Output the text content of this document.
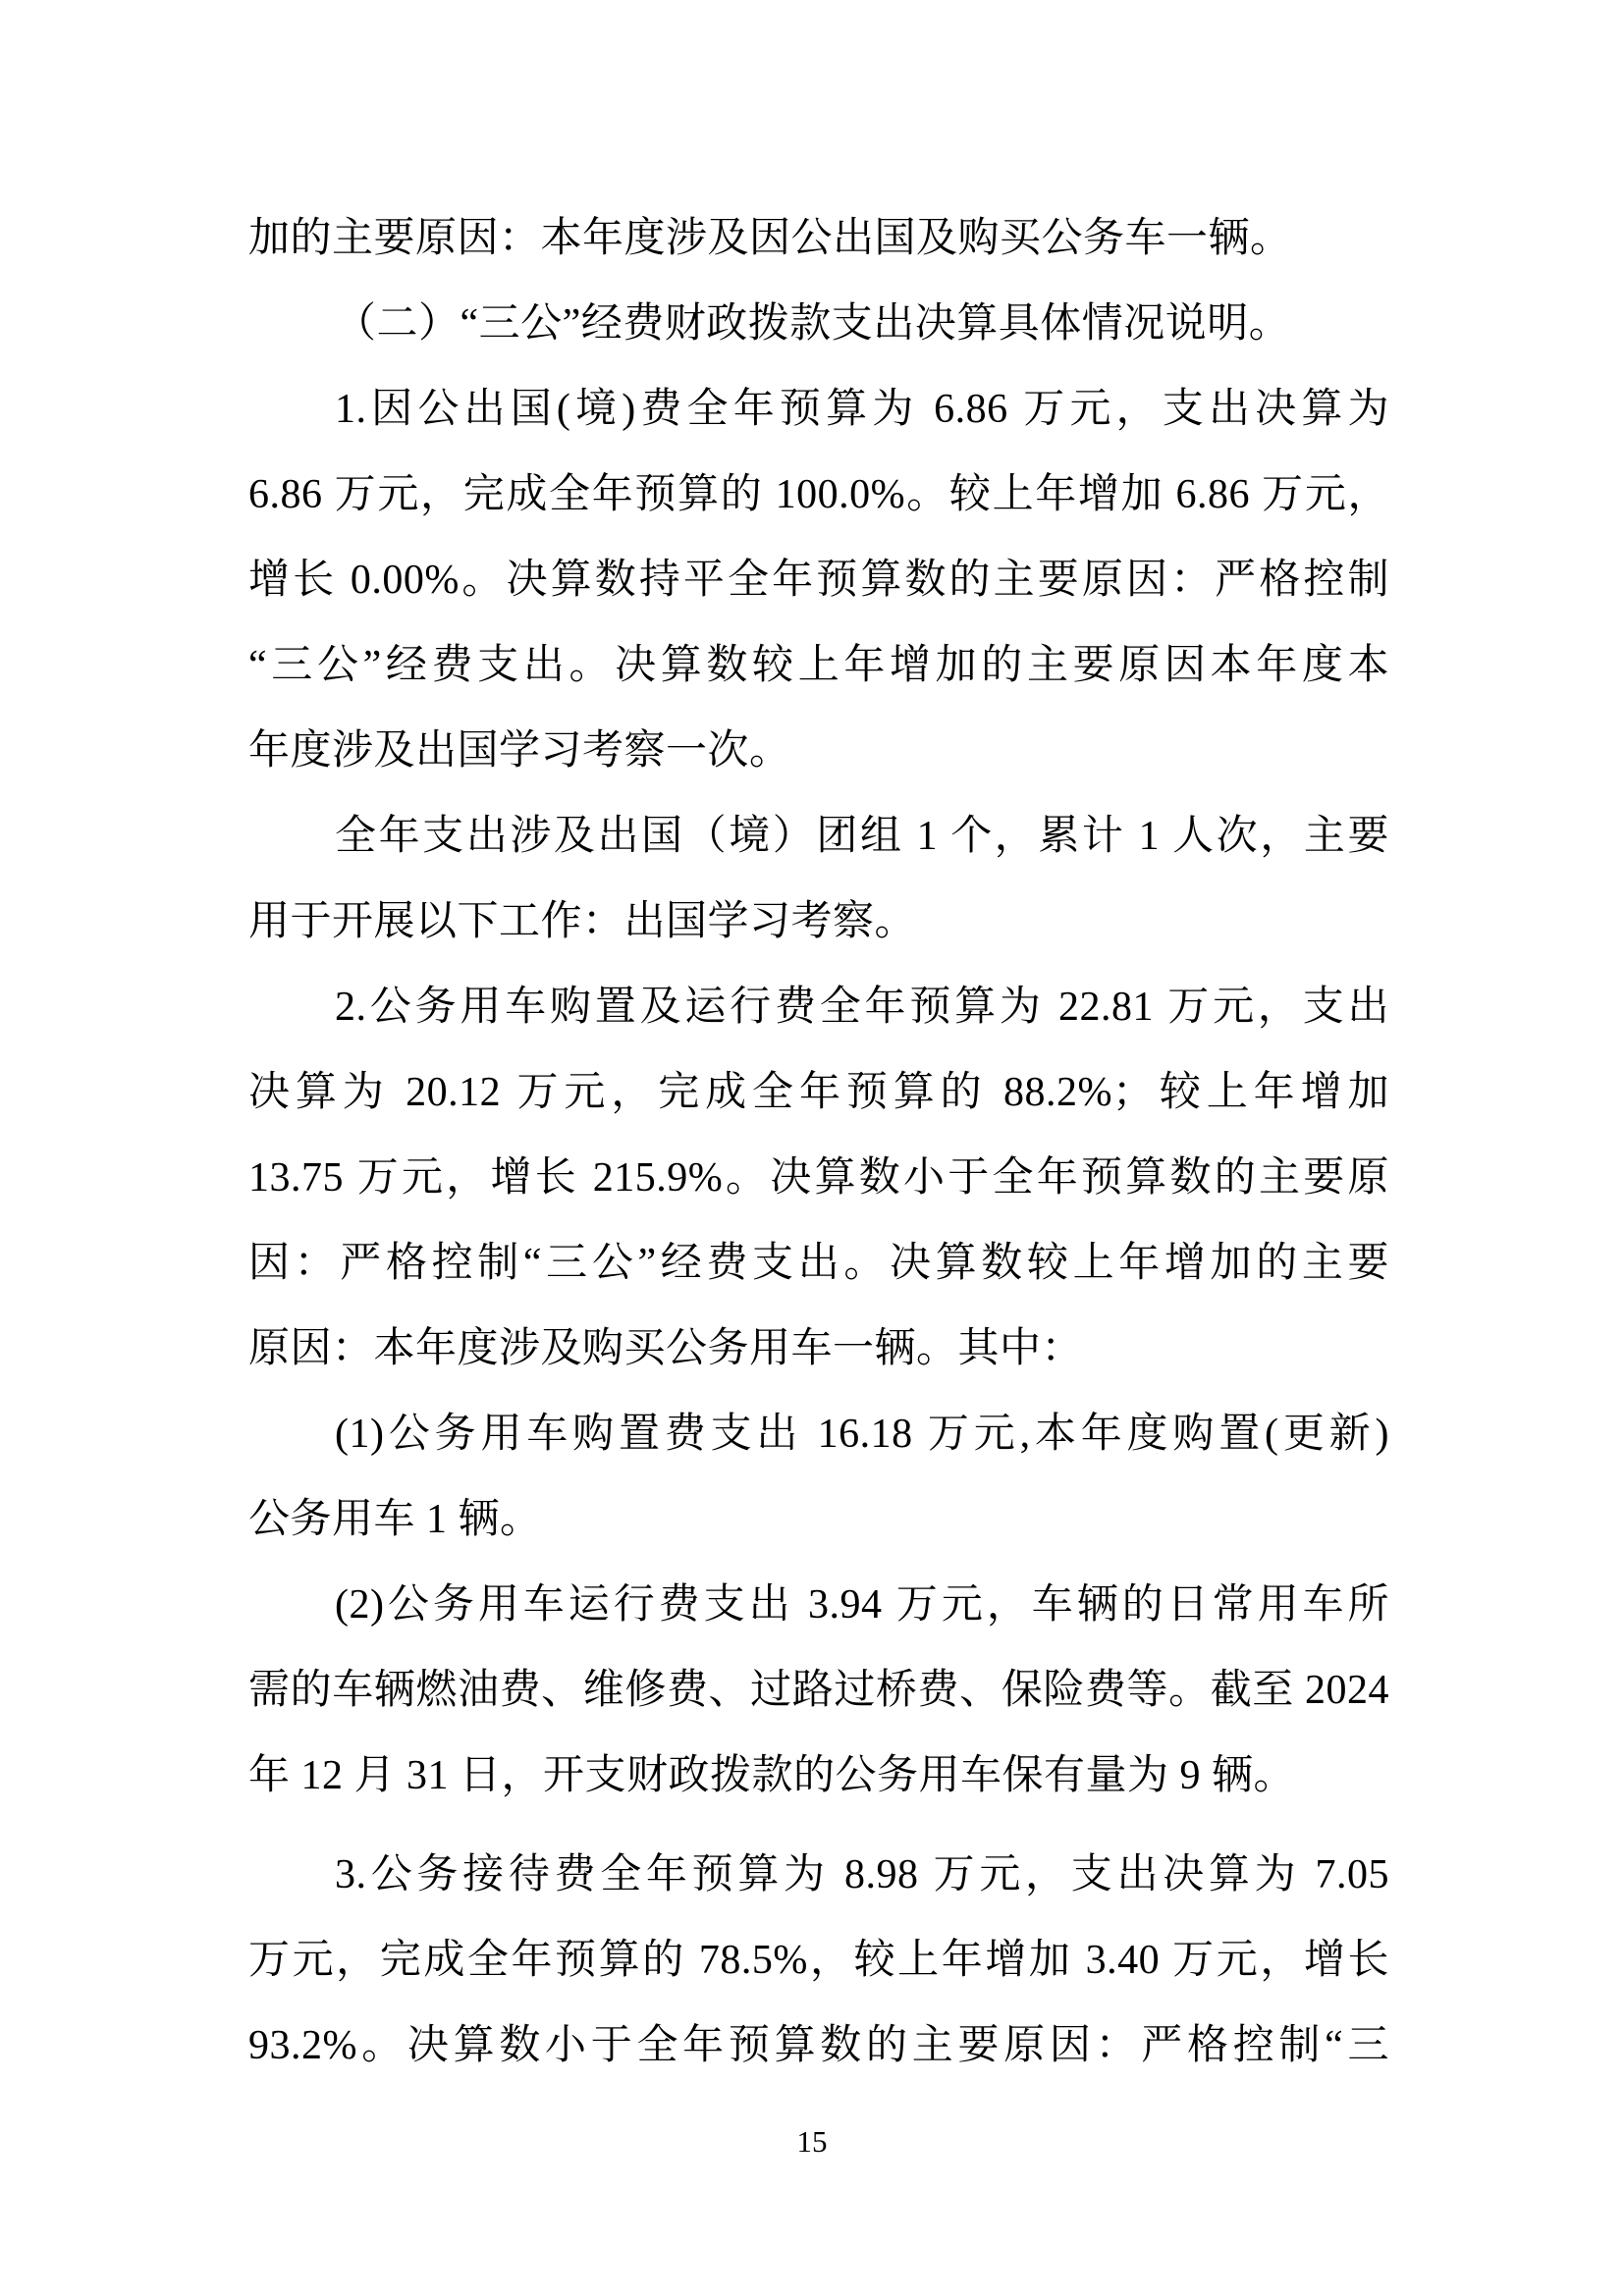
加的主要原因：本年度涉及因公出国及购买公务车一辆。
（二）“三公”经费财政拨款支出决算具体情况说明。
1.因公出国(境)费全年预算为 6.86 万元，支出决算为
6.86 万元，完成全年预算的 100.0%。较上年增加 6.86 万元，
增长 0.00%。决算数持平全年预算数的主要原因：严格控制
“三公”经费支出。决算数较上年增加的主要原因本年度本
年度涉及出国学习考察一次。
全年支出涉及出国（境）团组 1 个，累计 1 人次，主要
用于开展以下工作：出国学习考察。
2.公务用车购置及运行费全年预算为 22.81 万元，支出
决算为 20.12 万元，完成全年预算的 88.2%；较上年增加
13.75 万元，增长 215.9%。决算数小于全年预算数的主要原
因：严格控制“三公”经费支出。决算数较上年增加的主要
原因：本年度涉及购买公务用车一辆。其中：
(1)公务用车购置费支出 16.18 万元,本年度购置(更新)
公务用车 1 辆。
(2)公务用车运行费支出 3.94 万元，车辆的日常用车所
需的车辆燃油费、维修费、过路过桥费、保险费等。截至 2024
年 12 月 31 日，开支财政拨款的公务用车保有量为 9 辆。
3.公务接待费全年预算为 8.98 万元，支出决算为 7.05
万元，完成全年预算的 78.5%，较上年增加 3.40 万元，增长
93.2%。决算数小于全年预算数的主要原因：严格控制“三
15
